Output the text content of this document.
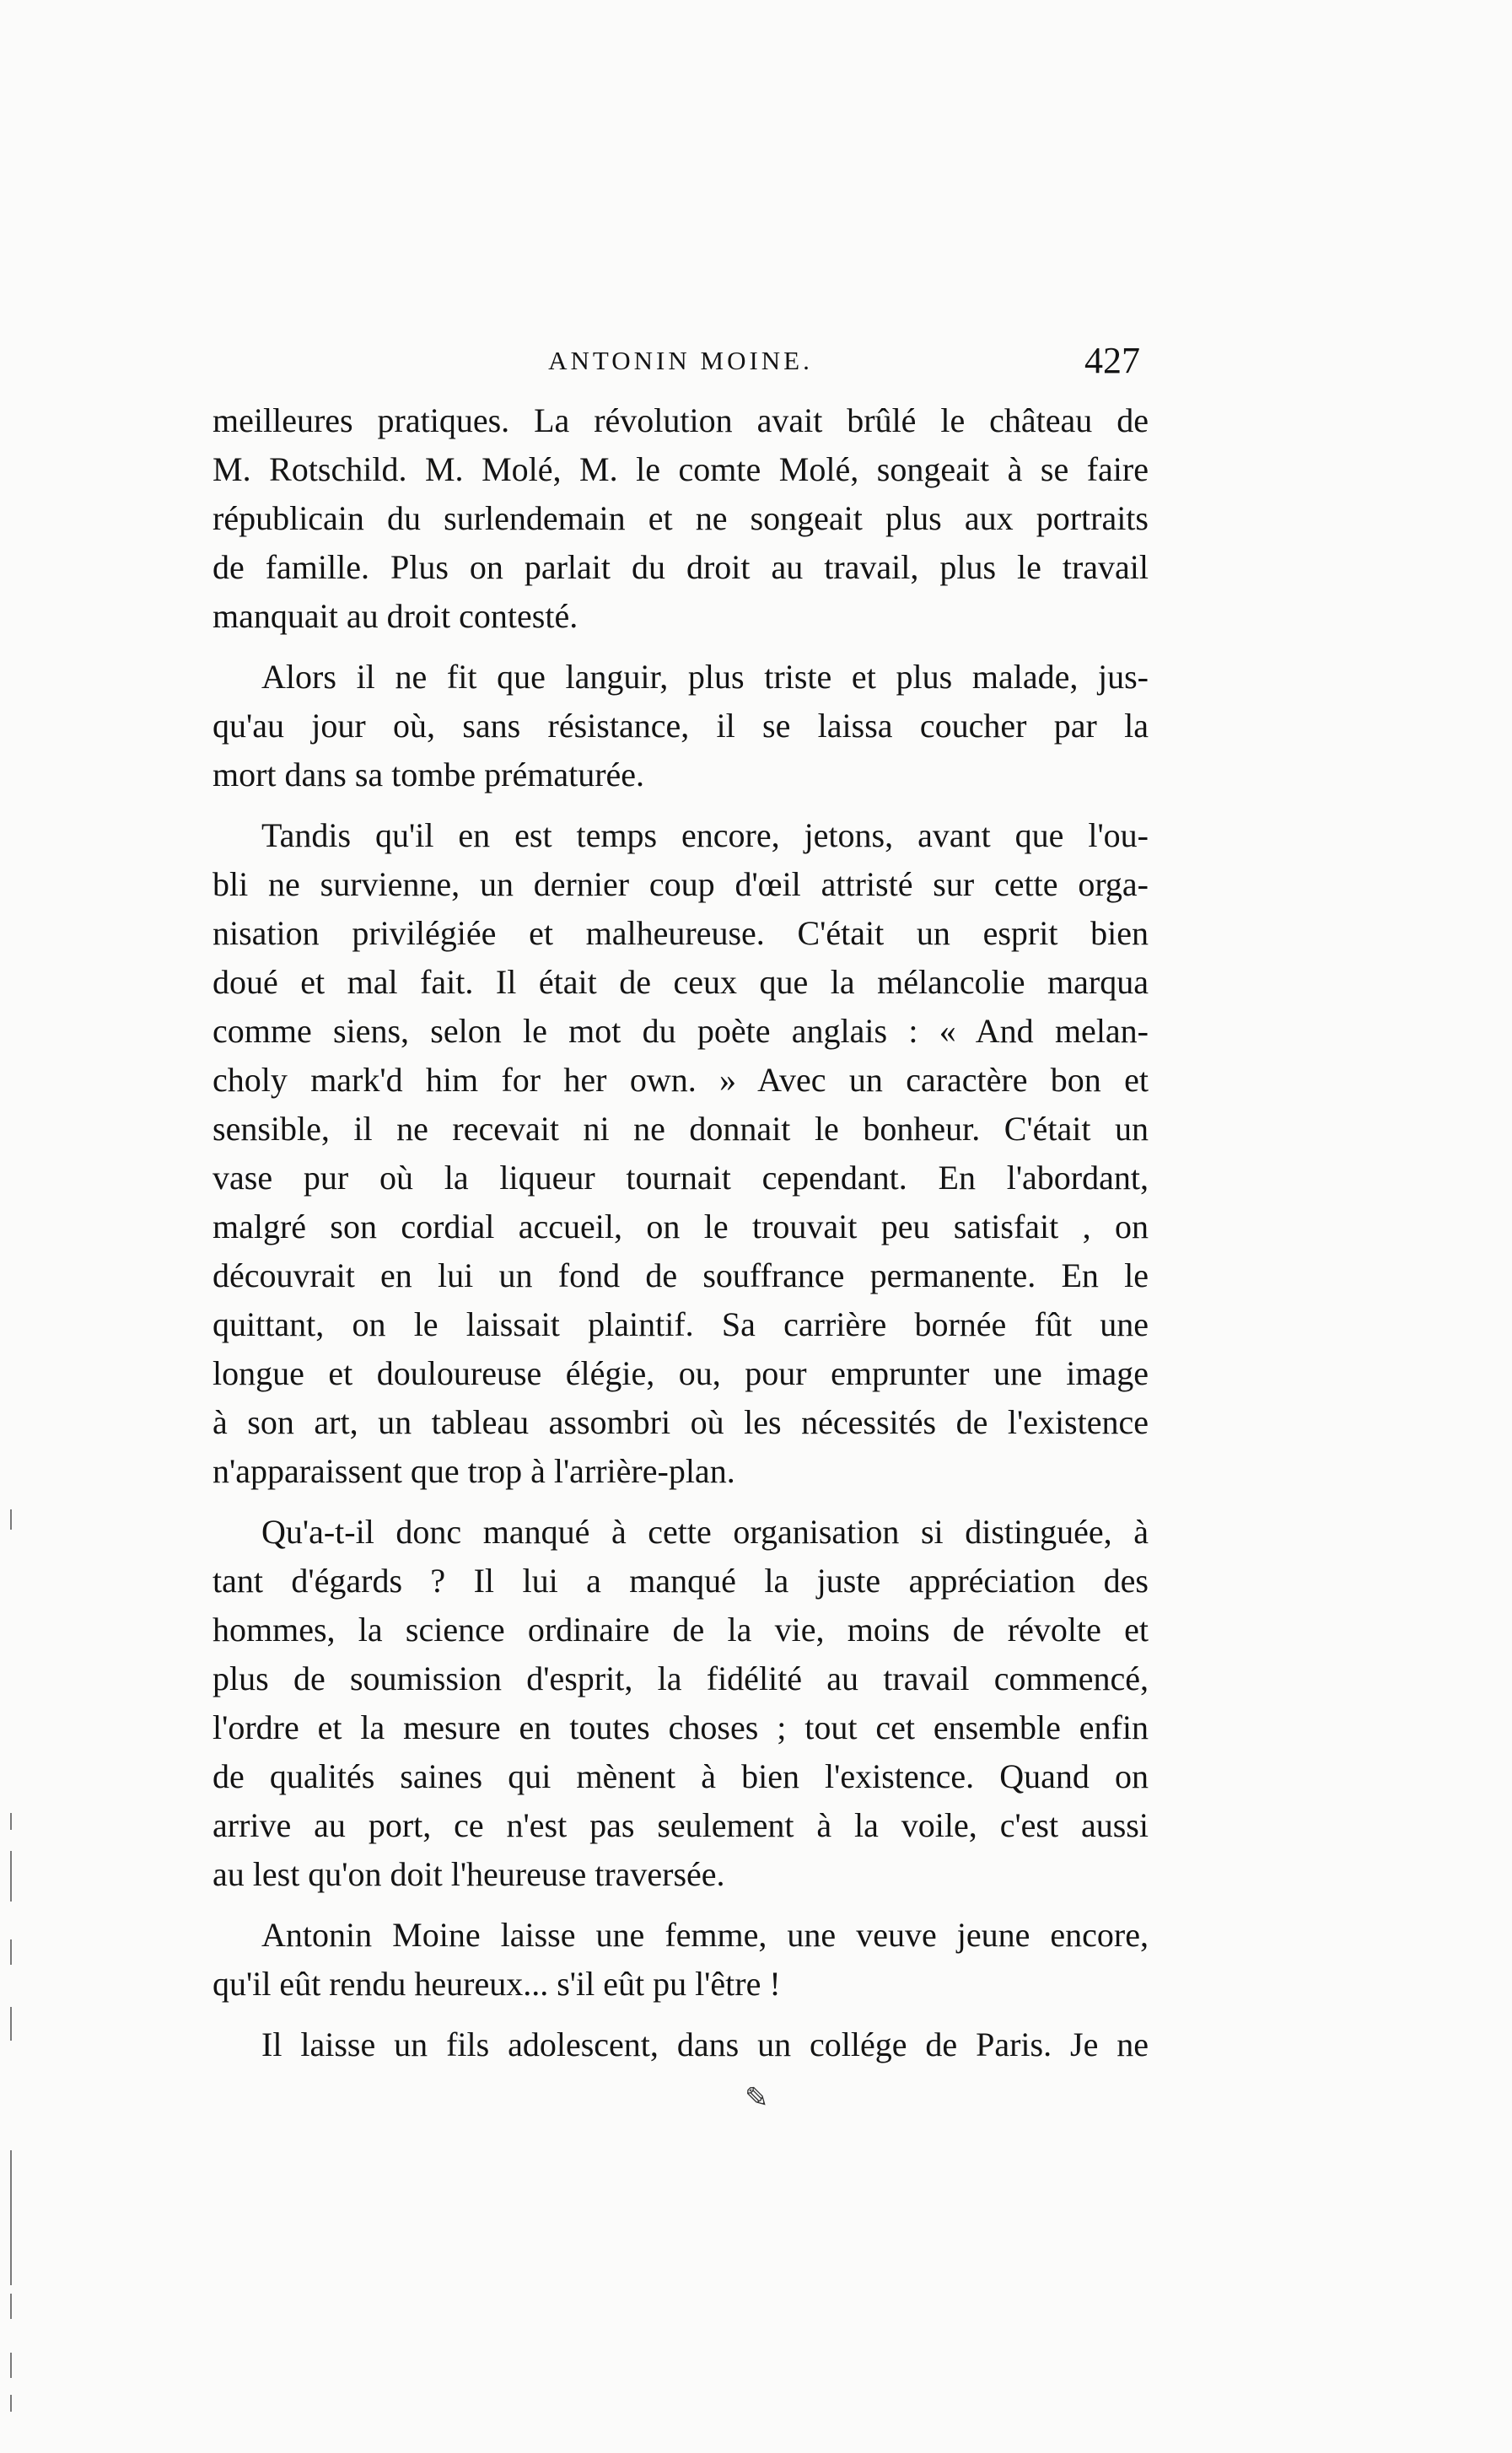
ANTONIN MOINE.	427
meilleures pratiques. La révolution avait brûlé le château de
M. Rotschild. M. Molé, M. le comte Molé, songeait à se faire
républicain du surlendemain et ne songeait plus aux portraits
de famille. Plus on parlait du droit au travail, plus le travail
manquait au droit contesté.
Alors il ne fit que languir, plus triste et plus malade, jus-
qu'au jour où, sans résistance, il se laissa coucher par la
mort dans sa tombe prématurée.
Tandis qu'il en est temps encore, jetons, avant que l'ou-
bli ne survienne, un dernier coup d'œil attristé sur cette orga-
nisation privilégiée et malheureuse. C'était un esprit bien
doué et mal fait. Il était de ceux que la mélancolie marqua
comme siens, selon le mot du poète anglais : « And melan-
choly mark'd him for her own. » Avec un caractère bon et
sensible, il ne recevait ni ne donnait le bonheur. C'était un
vase pur où la liqueur tournait cependant. En l'abordant,
malgré son cordial accueil, on le trouvait peu satisfait , on
découvrait en lui un fond de souffrance permanente. En le
quittant, on le laissait plaintif. Sa carrière bornée fût une
longue et douloureuse élégie, ou, pour emprunter une image
à son art, un tableau assombri où les nécessités de l'existence
n'apparaissent que trop à l'arrière-plan.
Qu'a-t-il donc manqué à cette organisation si distinguée, à
tant d'égards ? Il lui a manqué la juste appréciation des
hommes, la science ordinaire de la vie, moins de révolte et
plus de soumission d'esprit, la fidélité au travail commencé,
l'ordre et la mesure en toutes choses ; tout cet ensemble enfin
de qualités saines qui mènent à bien l'existence. Quand on
arrive au port, ce n'est pas seulement à la voile, c'est aussi
au lest qu'on doit l'heureuse traversée.
Antonin Moine laisse une femme, une veuve jeune encore,
qu'il eût rendu heureux... s'il eût pu l'être !
Il laisse un fils adolescent, dans un collége de Paris. Je ne
✎
